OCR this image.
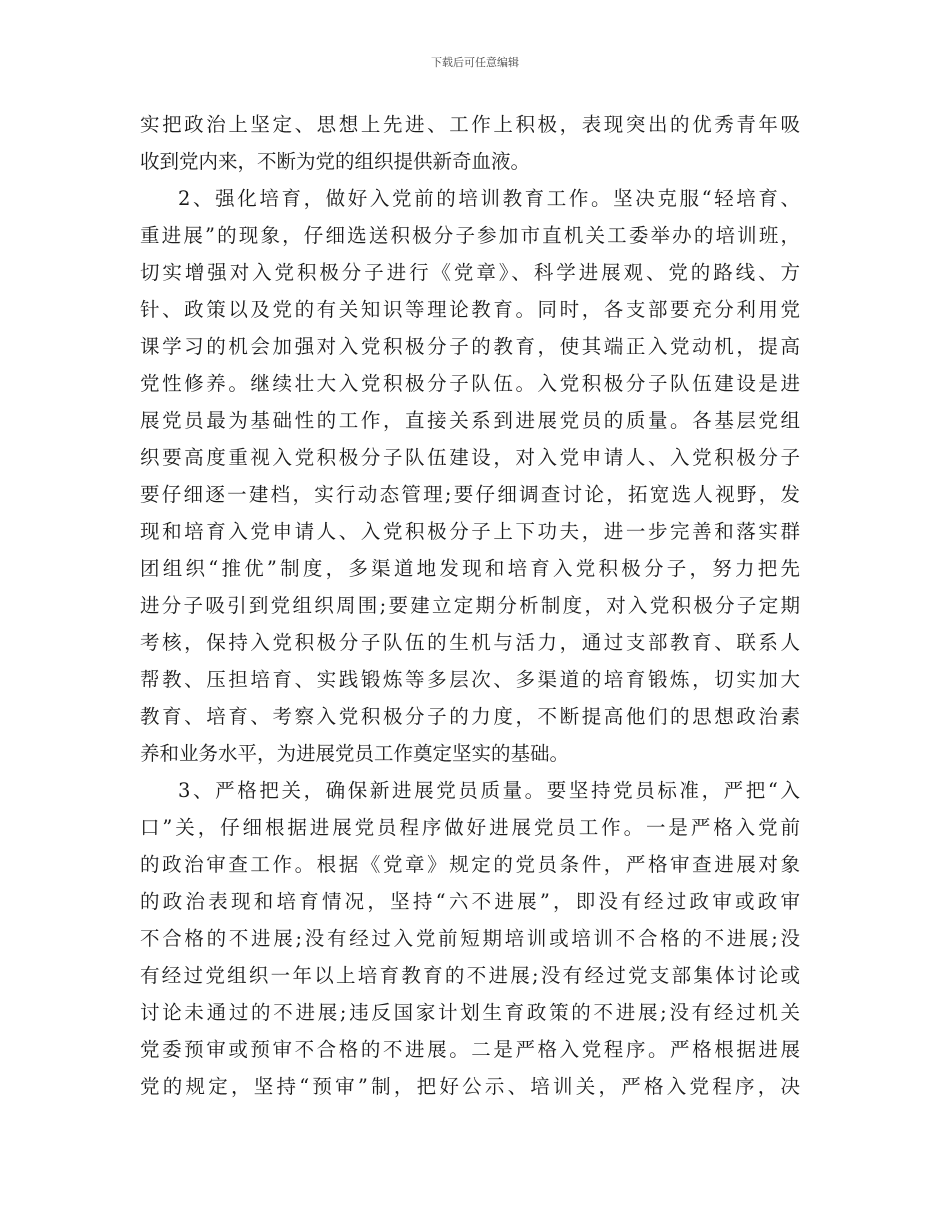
下载后可任意编辑
实把政治上坚定、思想上先进、工作上积极，表现突出的优秀青年吸
收到党内来，不断为党的组织提供新奇血液。
2、强化培育，做好入党前的培训教育工作。坚决克服“轻培育、
重进展”的现象，仔细选送积极分子参加市直机关工委举办的培训班，
切实增强对入党积极分子进行《党章》、科学进展观、党的路线、方
针、政策以及党的有关知识等理论教育。同时，各支部要充分利用党
课学习的机会加强对入党积极分子的教育，使其端正入党动机，提高
党性修养。继续壮大入党积极分子队伍。入党积极分子队伍建设是进
展党员最为基础性的工作，直接关系到进展党员的质量。各基层党组
织要高度重视入党积极分子队伍建设，对入党申请人、入党积极分子
要仔细逐一建档，实行动态管理;要仔细调查讨论，拓宽选人视野，发
现和培育入党申请人、入党积极分子上下功夫，进一步完善和落实群
团组织“推优”制度，多渠道地发现和培育入党积极分子，努力把先
进分子吸引到党组织周围;要建立定期分析制度，对入党积极分子定期
考核，保持入党积极分子队伍的生机与活力，通过支部教育、联系人
帮教、压担培育、实践锻炼等多层次、多渠道的培育锻炼，切实加大
教育、培育、考察入党积极分子的力度，不断提高他们的思想政治素
养和业务水平，为进展党员工作奠定坚实的基础。
3、严格把关，确保新进展党员质量。要坚持党员标准，严把“入
口”关，仔细根据进展党员程序做好进展党员工作。一是严格入党前
的政治审查工作。根据《党章》规定的党员条件，严格审查进展对象
的政治表现和培育情况，坚持“六不进展”，即没有经过政审或政审
不合格的不进展;没有经过入党前短期培训或培训不合格的不进展;没
有经过党组织一年以上培育教育的不进展;没有经过党支部集体讨论或
讨论未通过的不进展;违反国家计划生育政策的不进展;没有经过机关
党委预审或预审不合格的不进展。二是严格入党程序。严格根据进展
党的规定，坚持“预审”制，把好公示、培训关，严格入党程序，决
